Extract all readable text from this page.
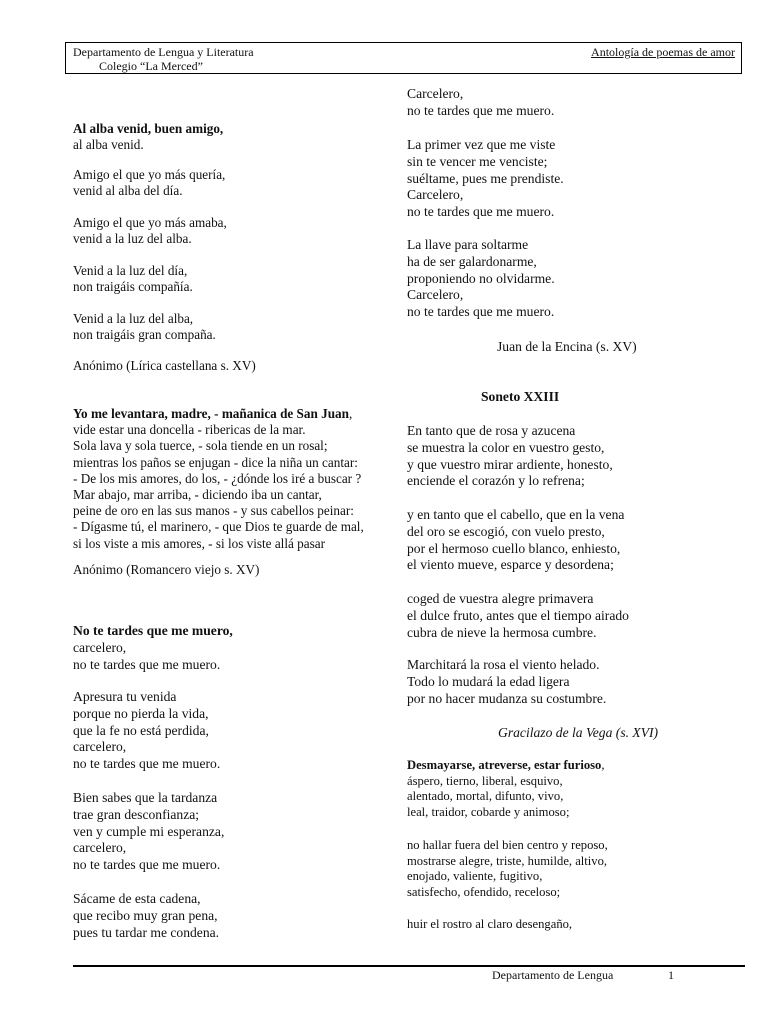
Departamento de Lengua y Literatura
Colegio “La Merced”
Antología de poemas de amor

Al alba venid, buen amigo,

al alba venid.

Amigo el que yo más quería,
venid al alba del día.

Amigo el que yo más amaba,
venid a la luz del alba.

Venid a la luz del día,
non traigáis compañía.

Venid a la luz del alba,
non traigáis gran compaña.

Anónimo (Lírica castellana s. XV)

Yo me levantara, madre, - mañanica de San Juan,

vide estar una doncella - ribericas de la mar.
Sola lava y sola tuerce, - sola tiende en un rosal;
mientras los paños se enjugan - dice la niña un cantar:
- De los mis amores, do los, - ¿dónde los iré a buscar ?
Mar abajo, mar arriba, - diciendo iba un cantar,
peine de oro en las sus manos - y sus cabellos peinar:
- Dígasme tú, el marinero, - que Dios te guarde de mal,
si los viste a mis amores, - si los viste allá pasar

Anónimo (Romancero viejo s. XV)

No te tardes que me muero,

carcelero,
no te tardes que me muero.

Apresura tu venida
porque no pierda la vida,
que la fe no está perdida,
carcelero,
no te tardes que me muero.

Bien sabes que la tardanza
trae gran desconfianza;
ven y cumple mi esperanza,
carcelero,
no te tardes que me muero.

Sácame de esta cadena,
que recibo muy gran pena,
pues tu tardar me condena.

Carcelero,
no te tardes que me muero.

La primer vez que me viste
sin te vencer me venciste;
suéltame, pues me prendiste.
Carcelero,
no te tardes que me muero.

La llave para soltarme
ha de ser galardonarme,
proponiendo no olvidarme.
Carcelero,
no te tardes que me muero.

Juan de la Encina (s. XV)
Soneto XXIII

En tanto que de rosa y azucena
se muestra la color en vuestro gesto,
y que vuestro mirar ardiente, honesto,
enciende el corazón y lo refrena;

y en tanto que el cabello, que en la vena
del oro se escogió, con vuelo presto,
por el hermoso cuello blanco, enhiesto,
el viento mueve, esparce y desordena;

coged de vuestra alegre primavera
el dulce fruto, antes que el tiempo airado
cubra de nieve la hermosa cumbre.

Marchitará la rosa el viento helado.
Todo lo mudará la edad ligera
por no hacer mudanza su costumbre.

Gracilazo de la Vega (s. XVI)

Desmayarse, atreverse, estar furioso,

áspero, tierno, liberal, esquivo,
alentado, mortal, difunto, vivo,
leal, traidor, cobarde y animoso;

no hallar fuera del bien centro y reposo,
mostrarse alegre, triste, humilde, altivo,
enojado, valiente, fugitivo,
satisfecho, ofendido, receloso;

huir el rostro al claro desengaño,

Departamento de Lengua	1
